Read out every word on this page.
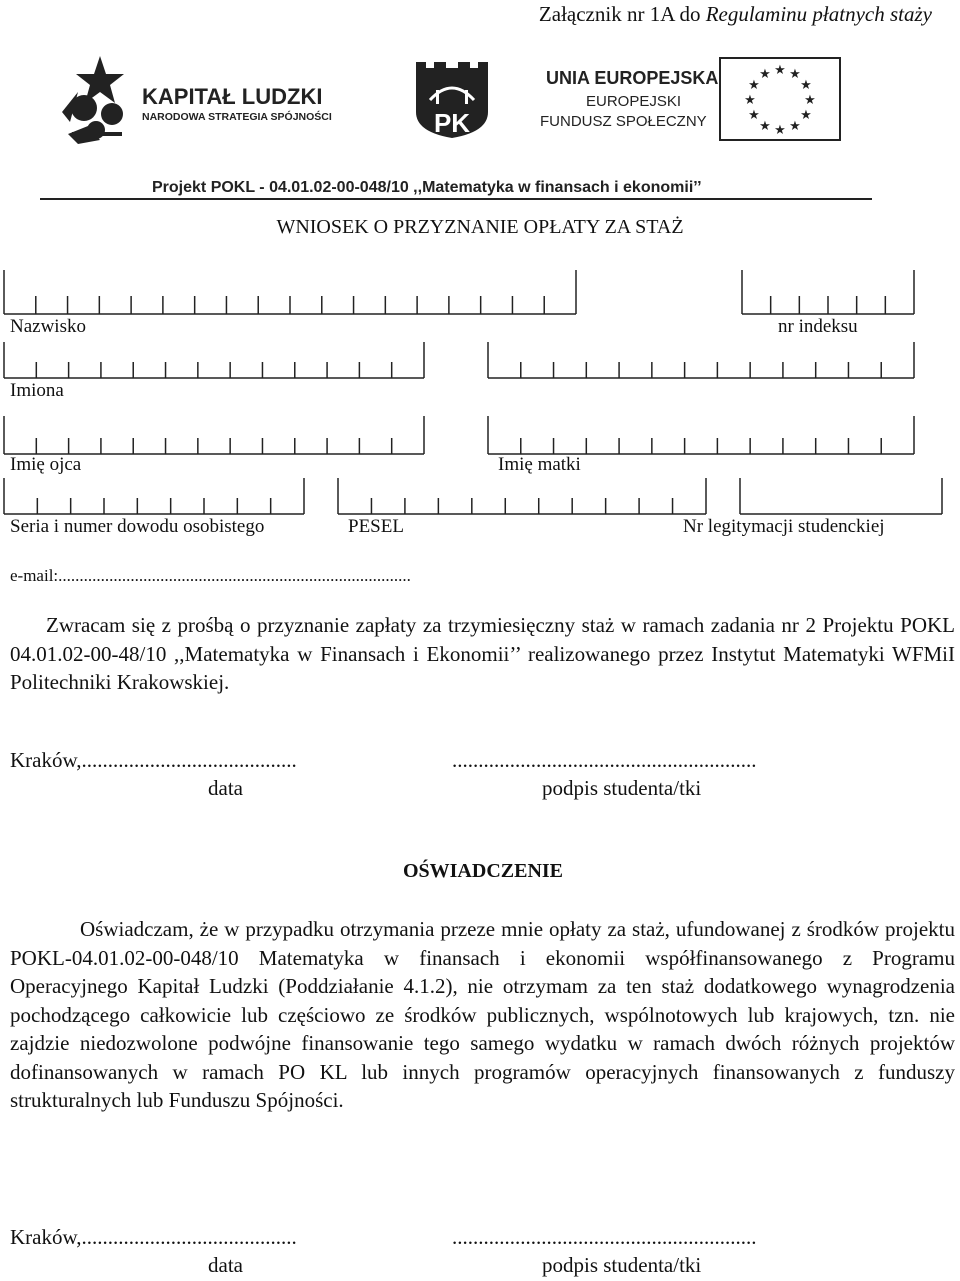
Załącznik nr 1A do Regulaminu płatnych staży
KAPITAŁ LUDZKI
NARODOWA STRATEGIA SPÓJNOŚCI	PK
UNIA EUROPEJSKA
EUROPEJSKI
FUNDUSZ SPOŁECZNY
★ ★
★
★
★
★
★
★
★
★
★
★
Projekt POKL - 04.01.02-00-048/10 ,,Matematyka w finansach i ekonomii’’
WNIOSEK O PRZYZNANIE OPŁATY ZA STAŻ
Nazwisko	nr indeksu
Imiona
Imię ojca	Imię matki
Seria i numer dowodu osobistego	PESEL	Nr legitymacji studenckiej
e-mail:...................................................................................
Zwracam się z prośbą o przyznanie zapłaty za trzymiesięczny staż w ramach zadania nr 2 Projektu POKL 04.01.02-00-48/10 ,,Matematyka w Finansach i Ekonomii’’ realizowanego przez Instytut Matematyki WFMiI Politechniki Krakowskiej.
Kraków,.........................................	..........................................................
data	podpis studenta/tki
OŚWIADCZENIE
Oświadczam, że w przypadku otrzymania przeze mnie opłaty za staż, ufundowanej z środków projektu POKL-04.01.02-00-048/10 Matematyka w finansach i ekonomii współfinansowanego z Programu Operacyjnego Kapitał Ludzki (Poddziałanie 4.1.2), nie otrzymam za ten staż dodatkowego wynagrodzenia pochodzącego całkowicie lub częściowo ze środków publicznych, wspólnotowych lub krajowych, tzn. nie zajdzie niedozwolone podwójne finansowanie tego samego wydatku w ramach dwóch różnych projektów dofinansowanych w ramach PO KL lub innych programów operacyjnych finansowanych z funduszy strukturalnych lub Funduszu Spójności.
Kraków,.........................................	..........................................................
data	podpis studenta/tki
